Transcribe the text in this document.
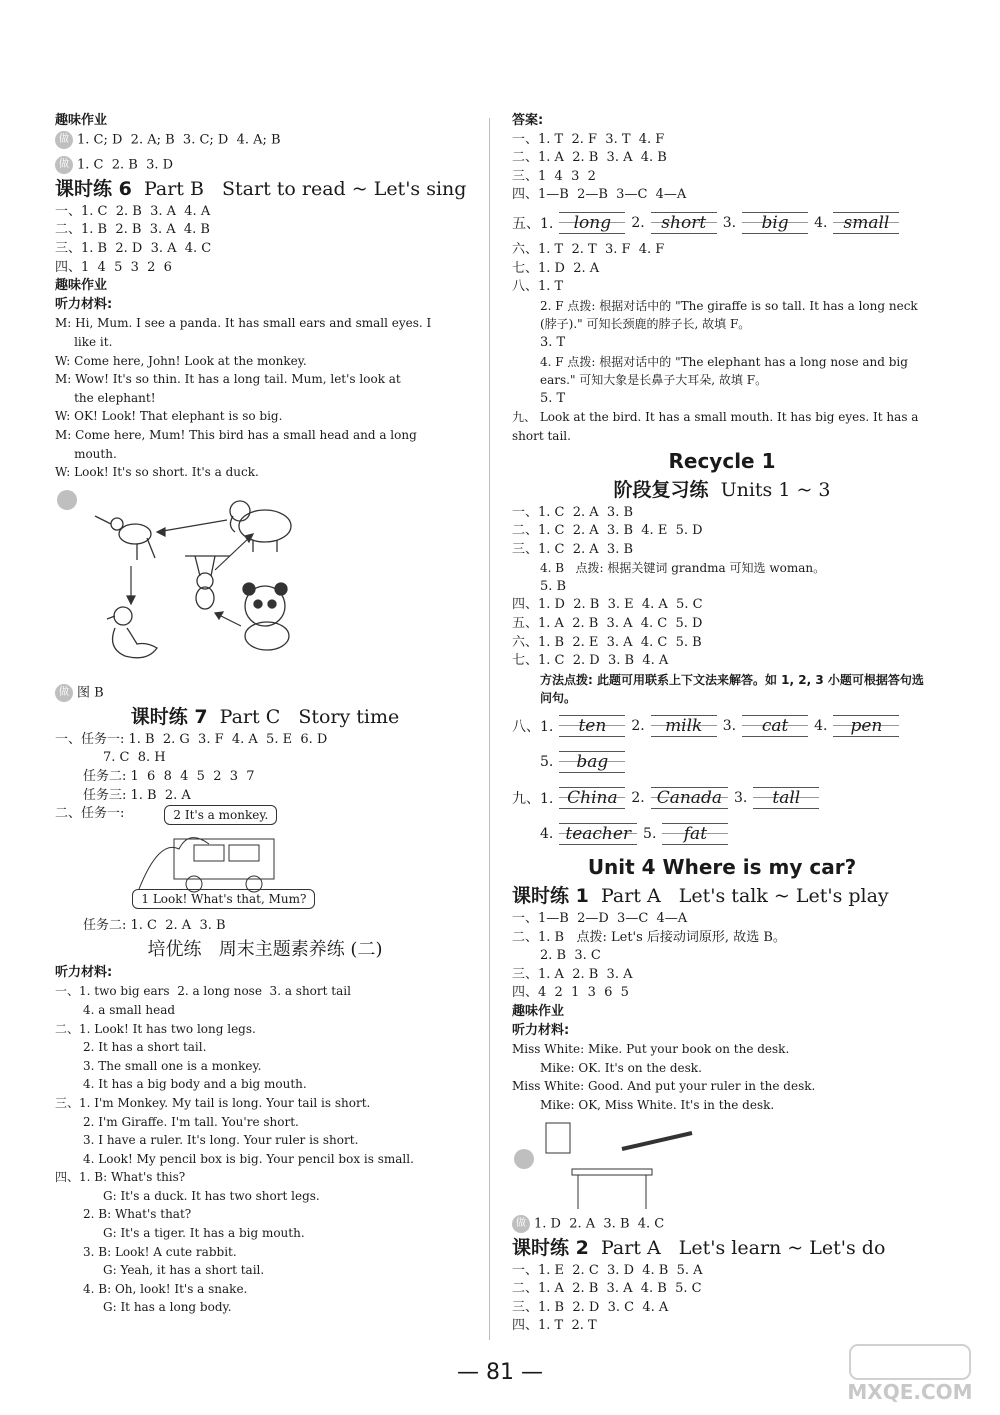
趣味作业
做 1. C; D  2. A; B  3. C; D  4. A; B
做 1. C  2. B  3. D
课时练 6 Part B   Start to read ~ Let's sing
一、1. C  2. B  3. A  4. A
二、1. B  2. B  3. A  4. B
三、1. B  2. D  3. A  4. C
四、1  4  5  3  2  6
趣味作业
听力材料:
M: Hi, Mum. I see a panda. It has small ears and small eyes. I
like it.
W: Come here, John! Look at the monkey.
M: Wow! It's so thin. It has a long tail. Mum, let's look at
the elephant!
W: OK! Look! That elephant is so big.
M: Come here, Mum! This bird has a small head and a long
mouth.
W: Look! It's so short. It's a duck.
做 图 B
课时练 7 Part C   Story time
一、任务一: 1. B  2. G  3. F  4. A  5. E  6. D
7. C  8. H
任务二: 1  6  8  4  5  2  3  7
任务三: 1. B  2. A
二、任务一:	2 It's a monkey.
1 Look! What's that, Mum?
任务二: 1. C  2. A  3. B
培优练   周末主题素养练 (二)
听力材料:
一、1. two big ears  2. a long nose  3. a short tail
4. a small head
二、1. Look! It has two long legs.
2. It has a short tail.
3. The small one is a monkey.
4. It has a big body and a big mouth.
三、1. I'm Monkey. My tail is long. Your tail is short.
2. I'm Giraffe. I'm tall. You're short.
3. I have a ruler. It's long. Your ruler is short.
4. Look! My pencil box is big. Your pencil box is small.
四、1. B: What's this?
G: It's a duck. It has two short legs.
2. B: What's that?
G: It's a tiger. It has a big mouth.
3. B: Look! A cute rabbit.
G: Yeah, it has a short tail.
4. B: Oh, look! It's a snake.
G: It has a long body.
答案:
一、1. T  2. F  3. T  4. F
二、1. A  2. B  3. A  4. B
三、1  4  3  2
四、1—B  2—B  3—C  4—A
五、1.	long	2. short	3.	big	4. small
六、1. T  2. T  3. F  4. F
七、1. D  2. A
八、1. T
2. F 点拨: 根据对话中的 "The giraffe is so tall. It has a long neck (脖子)." 可知长颈鹿的脖子长, 故填 F。
3. T
4. F 点拨: 根据对话中的 "The elephant has a long nose and big ears." 可知大象是长鼻子大耳朵, 故填 F。
5. T
九、 Look at the bird. It has a small mouth. It has big eyes. It has a short tail.
Recycle 1
阶段复习练 Units 1 ~ 3
一、1. C  2. A  3. B
二、1. C  2. A  3. B  4. E  5. D
三、1. C  2. A  3. B
4. B   点拨: 根据关键词 grandma 可知选 woman。
5. B
四、1. D  2. B  3. E  4. A  5. C
五、1. A  2. B  3. A  4. C  5. D
六、1. B  2. E  3. A  4. C  5. B
七、1. C  2. D  3. B  4. A
方法点拨: 此题可用联系上下文法来解答。如 1, 2, 3 小题可根据答句选问句。
八、1.	ten	2.	milk	3.	cat	4.	pen
5.	bag
九、1. China 2. Canada 3.	tall
4. teacher 5.	fat
Unit 4 Where is my car?
课时练 1 Part A   Let's talk ~ Let's play
一、1—B  2—D  3—C  4—A
二、1. B   点拨: Let's 后接动词原形, 故选 B。
2. B  3. C
三、1. A  2. B  3. A
四、4  2  1  3  6  5
趣味作业
听力材料:
Miss White: Mike. Put your book on the desk.
Mike: OK. It's on the desk.
Miss White: Good. And put your ruler in the desk.
Mike: OK, Miss White. It's in the desk.
做 1. D  2. A  3. B  4. C
课时练 2 Part A   Let's learn ~ Let's do
一、1. E  2. C  3. D  4. B  5. A
二、1. A  2. B  3. A  4. B  5. C
三、1. B  2. D  3. C  4. A
四、1. T  2. T
— 81 —
MXQE.COM
